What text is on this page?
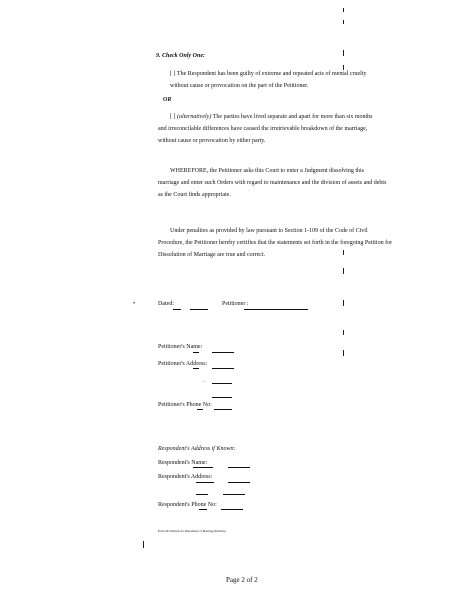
9. Check Only One:
[ ] The Respondent has been guilty of extreme and repeated acts of mental cruelty
without cause or provocation on the part of the Petitioner.
OR
[ ] (alternatively) The parties have lived separate and apart for more than six months
and irreconcilable differences have caused the irretrievable breakdown of the marriage,
without cause or provocation by either party.
WHEREFORE, the Petitioner asks this Court to enter a Judgment dissolving this
marriage and enter such Orders with regard to maintenance and the division of assets and debts
as the Court finds appropriate.
Under penalties as provided by law pursuant to Section 1-109 of the Code of Civil
Procedure, the Petitioner hereby certifies that the statements set forth in the foregoing Petition for
Dissolution of Marriage are true and correct.
•	Dated:	Petitioner :
Petitioner's Name:
Petitioner's Address:
.
Petitioner's Phone No:
Respondent's Address if Known:
Respondent's Name:
Respondent's Address:
Respondent's Phone No:
Form 201 Petition for Dissolution of Marriage (Petition)
Page 2 of 2
